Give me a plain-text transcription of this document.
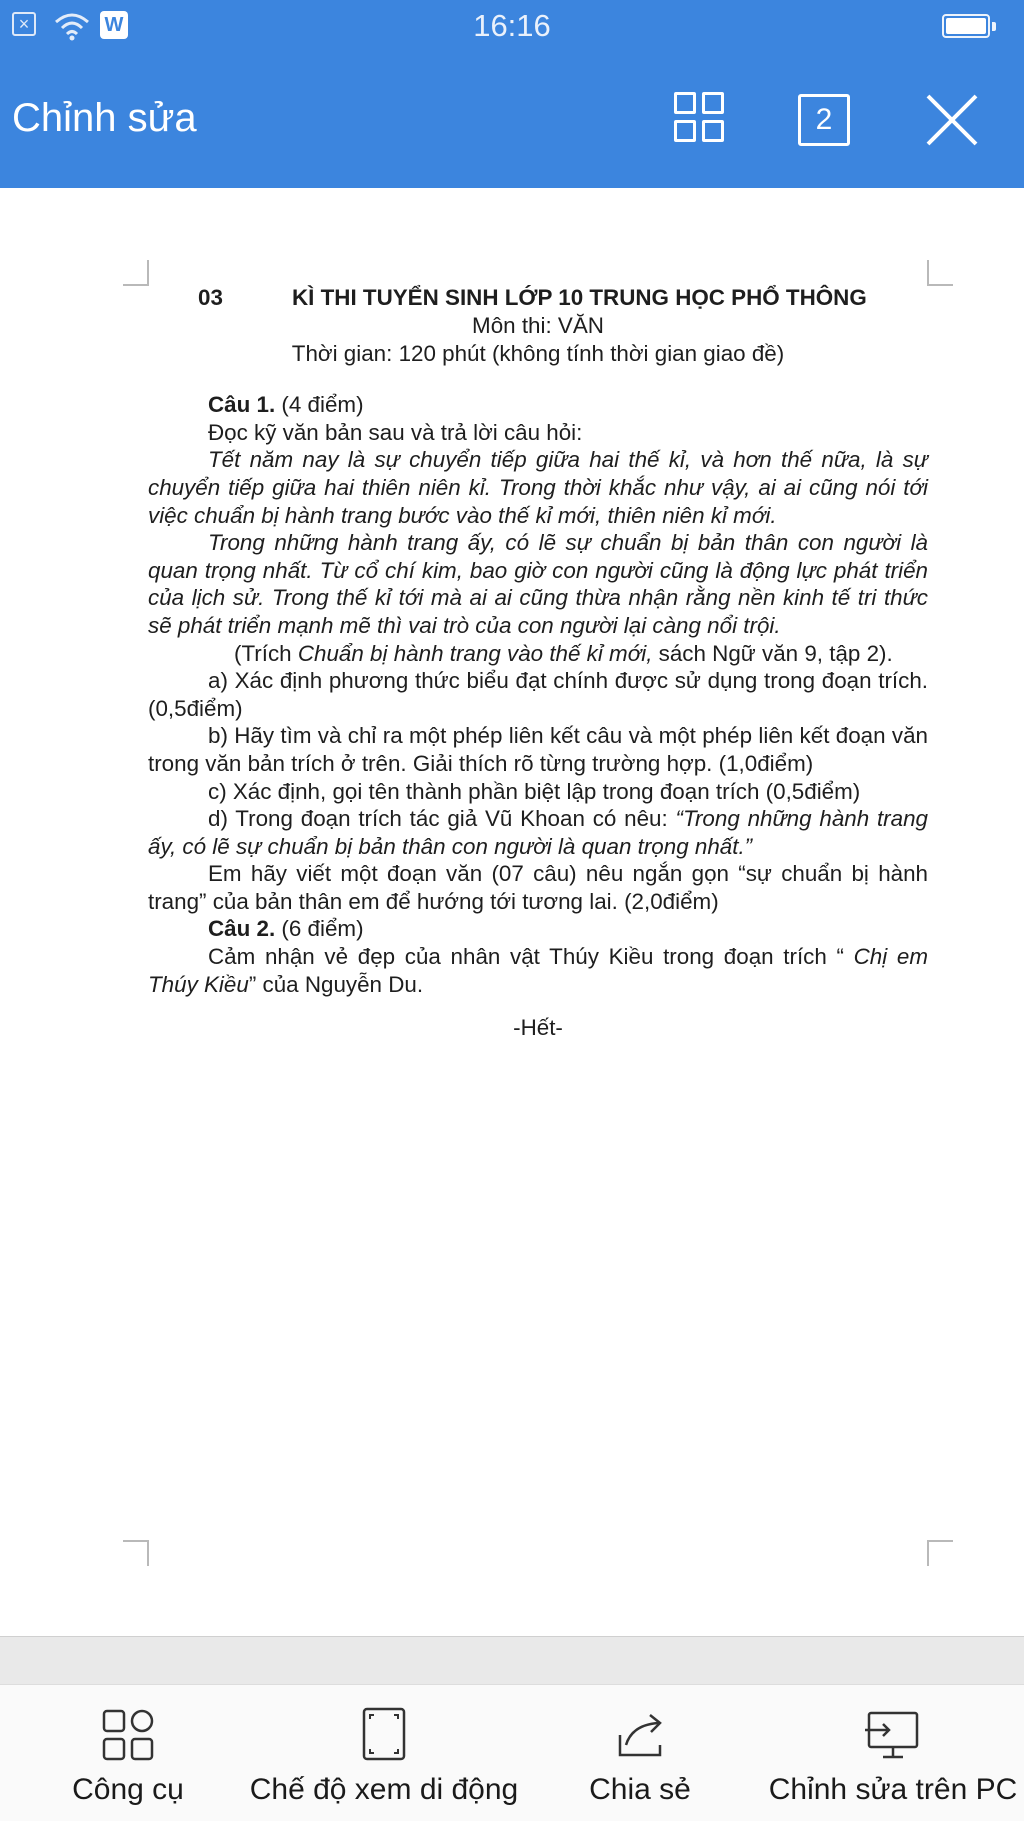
×	W	16:16
Chỉnh sửa	2
03	KÌ THI TUYỂN SINH LỚP 10 TRUNG HỌC PHỔ THÔNG

Môn thi: VĂN

Thời gian: 120 phút (không tính thời gian giao đề)

Câu 1. (4 điểm)

Đọc kỹ văn bản sau và trả lời câu hỏi:

Tết năm nay là sự chuyển tiếp giữa hai thế kỉ, và hơn thế nữa, là sự chuyển tiếp giữa hai thiên niên kỉ. Trong thời khắc như vậy, ai ai cũng nói tới việc chuẩn bị hành trang bước vào thế kỉ mới, thiên niên kỉ mới.

Trong những hành trang ấy, có lẽ sự chuẩn bị bản thân con người là quan trọng nhất. Từ cổ chí kim, bao giờ con người cũng là động lực phát triển của lịch sử. Trong thế kỉ tới mà ai ai cũng thừa nhận rằng nền kinh tế tri thức sẽ phát triển mạnh mẽ thì vai trò của con người lại càng nổi trội.

(Trích Chuẩn bị hành trang vào thế kỉ mới, sách Ngữ văn 9, tập 2).

a) Xác định phương thức biểu đạt chính được sử dụng trong đoạn trích. (0,5điểm)

b) Hãy tìm và chỉ ra một phép liên kết câu và một phép liên kết đoạn văn trong văn bản trích ở trên. Giải thích rõ từng trường hợp. (1,0điểm)

c) Xác định, gọi tên thành phần biệt lập trong đoạn trích (0,5điểm)

d) Trong đoạn trích tác giả Vũ Khoan có nêu: “Trong những hành trang ấy, có lẽ sự chuẩn bị bản thân con người là quan trọng nhất.”

Em hãy viết một đoạn văn (07 câu) nêu ngắn gọn “sự chuẩn bị hành trang” của bản thân em để hướng tới tương lai. (2,0điểm)

Câu 2. (6 điểm)

Cảm nhận vẻ đẹp của nhân vật Thúy Kiều trong đoạn trích “ Chị em Thúy Kiều” của Nguyễn Du.

-Hết-

Công cụ	Chế độ xem di động	Chia sẻ	Chỉnh sửa trên PC
